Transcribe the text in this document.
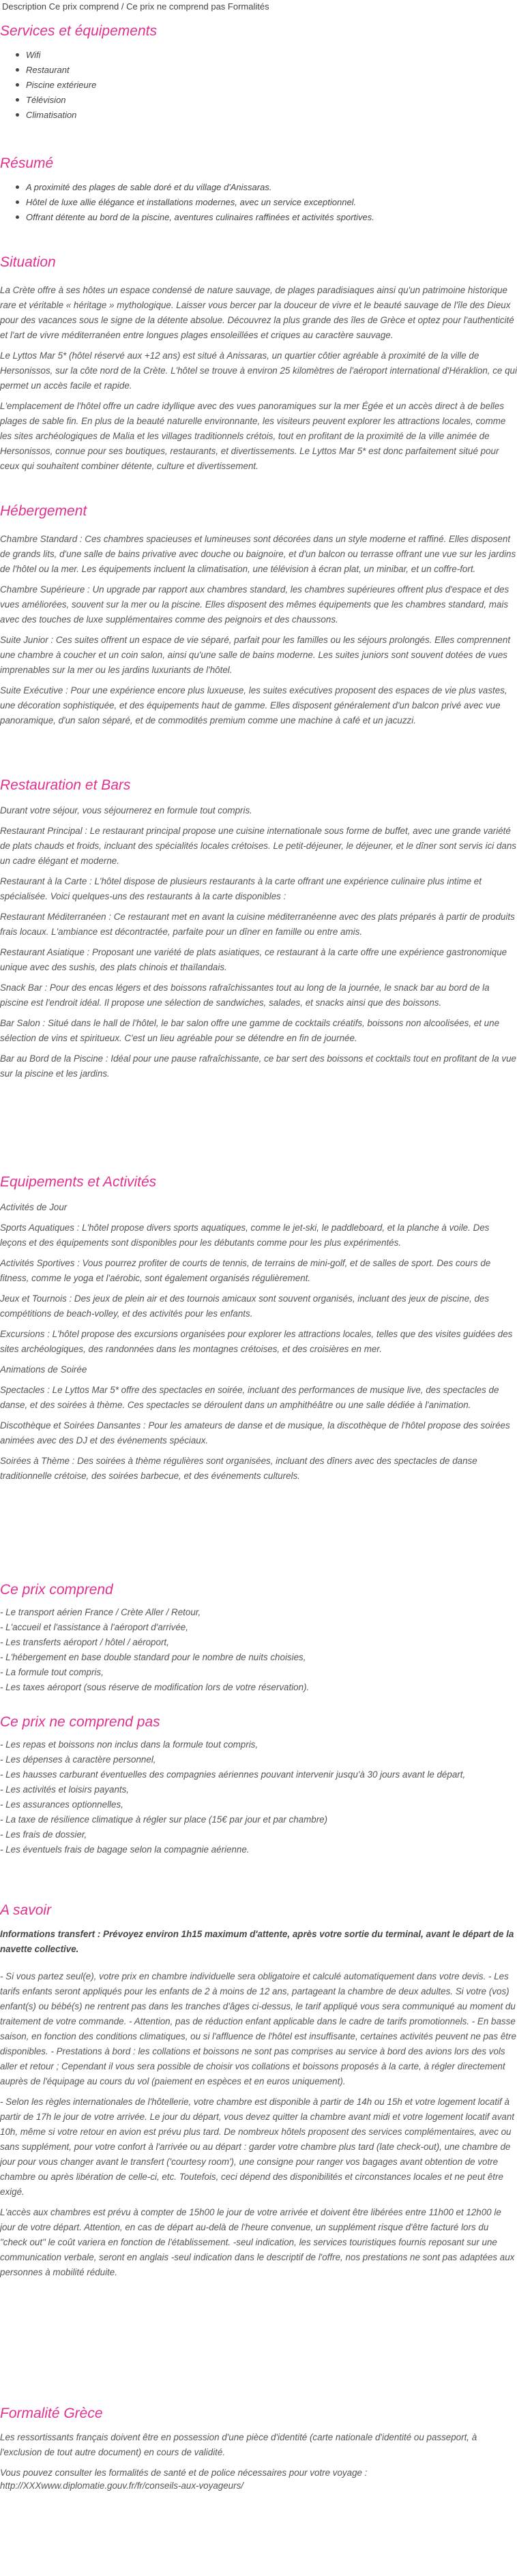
Description Ce prix comprend / Ce prix ne comprend pas Formalités
Services et équipements
Wifi
Restaurant
Piscine extérieure
Télévision
Climatisation
Résumé
A proximité des plages de sable doré et du village d'Anissaras.
Hôtel de luxe allie élégance et installations modernes, avec un service exceptionnel.
Offrant détente au bord de la piscine, aventures culinaires raffinées et activités sportives.
Situation

La Crète offre à ses hôtes un espace condensé de nature sauvage, de plages paradisiaques ainsi qu'un patrimoine historique rare et véritable « héritage » mythologique. Laisser vous bercer par la douceur de vivre et le beauté sauvage de l'île des Dieux pour des vacances sous le signe de la détente absolue. Découvrez la plus grande des îles de Grèce et optez pour l'authenticité et l'art de vivre méditerranéen entre longues plages ensoleillées et criques au caractère sauvage.

Le Lyttos Mar 5* (hôtel réservé aux +12 ans) est situé à Anissaras, un quartier côtier agréable à proximité de la ville de Hersonissos, sur la côte nord de la Crète. L'hôtel se trouve à environ 25 kilomètres de l'aéroport international d'Héraklion, ce qui permet un accès facile et rapide.

L'emplacement de l'hôtel offre un cadre idyllique avec des vues panoramiques sur la mer Égée et un accès direct à de belles plages de sable fin. En plus de la beauté naturelle environnante, les visiteurs peuvent explorer les attractions locales, comme les sites archéologiques de Malia et les villages traditionnels crétois, tout en profitant de la proximité de la ville animée de Hersonissos, connue pour ses boutiques, restaurants, et divertissements. Le Lyttos Mar 5* est donc parfaitement situé pour ceux qui souhaitent combiner détente, culture et divertissement.

Hébergement

Chambre Standard : Ces chambres spacieuses et lumineuses sont décorées dans un style moderne et raffiné. Elles disposent de grands lits, d'une salle de bains privative avec douche ou baignoire, et d'un balcon ou terrasse offrant une vue sur les jardins de l'hôtel ou la mer. Les équipements incluent la climatisation, une télévision à écran plat, un minibar, et un coffre-fort.

Chambre Supérieure : Un upgrade par rapport aux chambres standard, les chambres supérieures offrent plus d'espace et des vues améliorées, souvent sur la mer ou la piscine. Elles disposent des mêmes équipements que les chambres standard, mais avec des touches de luxe supplémentaires comme des peignoirs et des chaussons.

Suite Junior : Ces suites offrent un espace de vie séparé, parfait pour les familles ou les séjours prolongés. Elles comprennent une chambre à coucher et un coin salon, ainsi qu'une salle de bains moderne. Les suites juniors sont souvent dotées de vues imprenables sur la mer ou les jardins luxuriants de l'hôtel.

Suite Exécutive : Pour une expérience encore plus luxueuse, les suites exécutives proposent des espaces de vie plus vastes, une décoration sophistiquée, et des équipements haut de gamme. Elles disposent généralement d'un balcon privé avec vue panoramique, d'un salon séparé, et de commodités premium comme une machine à café et un jacuzzi.

Restauration et Bars

Durant votre séjour, vous séjournerez en formule tout compris.

Restaurant Principal : Le restaurant principal propose une cuisine internationale sous forme de buffet, avec une grande variété de plats chauds et froids, incluant des spécialités locales crétoises. Le petit-déjeuner, le déjeuner, et le dîner sont servis ici dans un cadre élégant et moderne.

Restaurant à la Carte : L'hôtel dispose de plusieurs restaurants à la carte offrant une expérience culinaire plus intime et spécialisée. Voici quelques-uns des restaurants à la carte disponibles :

Restaurant Méditerranéen : Ce restaurant met en avant la cuisine méditerranéenne avec des plats préparés à partir de produits frais locaux. L'ambiance est décontractée, parfaite pour un dîner en famille ou entre amis.

Restaurant Asiatique : Proposant une variété de plats asiatiques, ce restaurant à la carte offre une expérience gastronomique unique avec des sushis, des plats chinois et thaïlandais.

Snack Bar : Pour des encas légers et des boissons rafraîchissantes tout au long de la journée, le snack bar au bord de la piscine est l'endroit idéal. Il propose une sélection de sandwiches, salades, et snacks ainsi que des boissons.

Bar Salon : Situé dans le hall de l'hôtel, le bar salon offre une gamme de cocktails créatifs, boissons non alcoolisées, et une sélection de vins et spiritueux. C'est un lieu agréable pour se détendre en fin de journée.

Bar au Bord de la Piscine : Idéal pour une pause rafraîchissante, ce bar sert des boissons et cocktails tout en profitant de la vue sur la piscine et les jardins.

Equipements et Activités

Activités de Jour

Sports Aquatiques : L'hôtel propose divers sports aquatiques, comme le jet-ski, le paddleboard, et la planche à voile. Des leçons et des équipements sont disponibles pour les débutants comme pour les plus expérimentés.

Activités Sportives : Vous pourrez profiter de courts de tennis, de terrains de mini-golf, et de salles de sport. Des cours de fitness, comme le yoga et l'aérobic, sont également organisés régulièrement.

Jeux et Tournois : Des jeux de plein air et des tournois amicaux sont souvent organisés, incluant des jeux de piscine, des compétitions de beach-volley, et des activités pour les enfants.

Excursions : L'hôtel propose des excursions organisées pour explorer les attractions locales, telles que des visites guidées des sites archéologiques, des randonnées dans les montagnes crétoises, et des croisières en mer.

Animations de Soirée

Spectacles : Le Lyttos Mar 5* offre des spectacles en soirée, incluant des performances de musique live, des spectacles de danse, et des soirées à thème. Ces spectacles se déroulent dans un amphithéâtre ou une salle dédiée à l'animation.

Discothèque et Soirées Dansantes : Pour les amateurs de danse et de musique, la discothèque de l'hôtel propose des soirées animées avec des DJ et des événements spéciaux.

Soirées à Thème : Des soirées à thème régulières sont organisées, incluant des dîners avec des spectacles de danse traditionnelle crétoise, des soirées barbecue, et des événements culturels.

Ce prix comprend
- Le transport aérien France / Crète Aller / Retour,
- L'accueil et l'assistance à l'aéroport d'arrivée,
- Les transferts aéroport / hôtel / aéroport,
- L'hébergement en base double standard pour le nombre de nuits choisies,
- La formule tout compris,
- Les taxes aéroport (sous réserve de modification lors de votre réservation).
Ce prix ne comprend pas
- Les repas et boissons non inclus dans la formule tout compris,
- Les dépenses à caractère personnel,
- Les hausses carburant éventuelles des compagnies aériennes pouvant intervenir jusqu'à 30 jours avant le départ,
- Les activités et loisirs payants,
- Les assurances optionnelles,
- La taxe de résilience climatique à régler sur place (15€ par jour et par chambre)
- Les frais de dossier,
- Les éventuels frais de bagage selon la compagnie aérienne.
A savoir
Informations transfert : Prévoyez environ 1h15 maximum d'attente, après votre sortie du terminal, avant le départ de la navette collective.

- Si vous partez seul(e), votre prix en chambre individuelle sera obligatoire et calculé automatiquement dans votre devis. - Les tarifs enfants seront appliqués pour les enfants de 2 à moins de 12 ans, partageant la chambre de deux adultes. Si votre (vos) enfant(s) ou bébé(s) ne rentrent pas dans les tranches d'âges ci-dessus, le tarif appliqué vous sera communiqué au moment du traitement de votre commande. - Attention, pas de réduction enfant applicable dans le cadre de tarifs promotionnels. - En basse saison, en fonction des conditions climatiques, ou si l'affluence de l'hôtel est insuffisante, certaines activités peuvent ne pas être disponibles. - Prestations à bord : les collations et boissons ne sont pas comprises au service à bord des avions lors des vols aller et retour ; Cependant il vous sera possible de choisir vos collations et boissons proposés à la carte, à régler directement auprès de l'équipage au cours du vol (paiement en espèces et en euros uniquement).

- Selon les règles internationales de l'hôtellerie, votre chambre est disponible à partir de 14h ou 15h et votre logement locatif à partir de 17h le jour de votre arrivée. Le jour du départ, vous devez quitter la chambre avant midi et votre logement locatif avant 10h, même si votre retour en avion est prévu plus tard. De nombreux hôtels proposent des services complémentaires, avec ou sans supplément, pour votre confort à l'arrivée ou au départ : garder votre chambre plus tard (late check-out), une chambre de jour pour vous changer avant le transfert ('courtesy room'), une consigne pour ranger vos bagages avant obtention de votre chambre ou après libération de celle-ci, etc. Toutefois, ceci dépend des disponibilités et circonstances locales et ne peut être exigé.

L'accès aux chambres est prévu à compter de 15h00 le jour de votre arrivée et doivent être libérées entre 11h00 et 12h00 le jour de votre départ. Attention, en cas de départ au-delà de l'heure convenue, un supplément risque d'être facturé lors du "check out" le coût variera en fonction de l'établissement. -seul indication, les services touristiques fournis reposant sur une communication verbale, seront en anglais -seul indication dans le descriptif de l'offre, nos prestations ne sont pas adaptées aux personnes à mobilité réduite.

Formalité Grèce

Les ressortissants français doivent être en possession d'une pièce d'identité (carte nationale d'identité ou passeport, à l'exclusion de tout autre document) en cours de validité.

Vous pouvez consulter les formalités de santé et de police nécessaires pour votre voyage :

http://XXXwww.diplomatie.gouv.fr/fr/conseils-aux-voyageurs/
